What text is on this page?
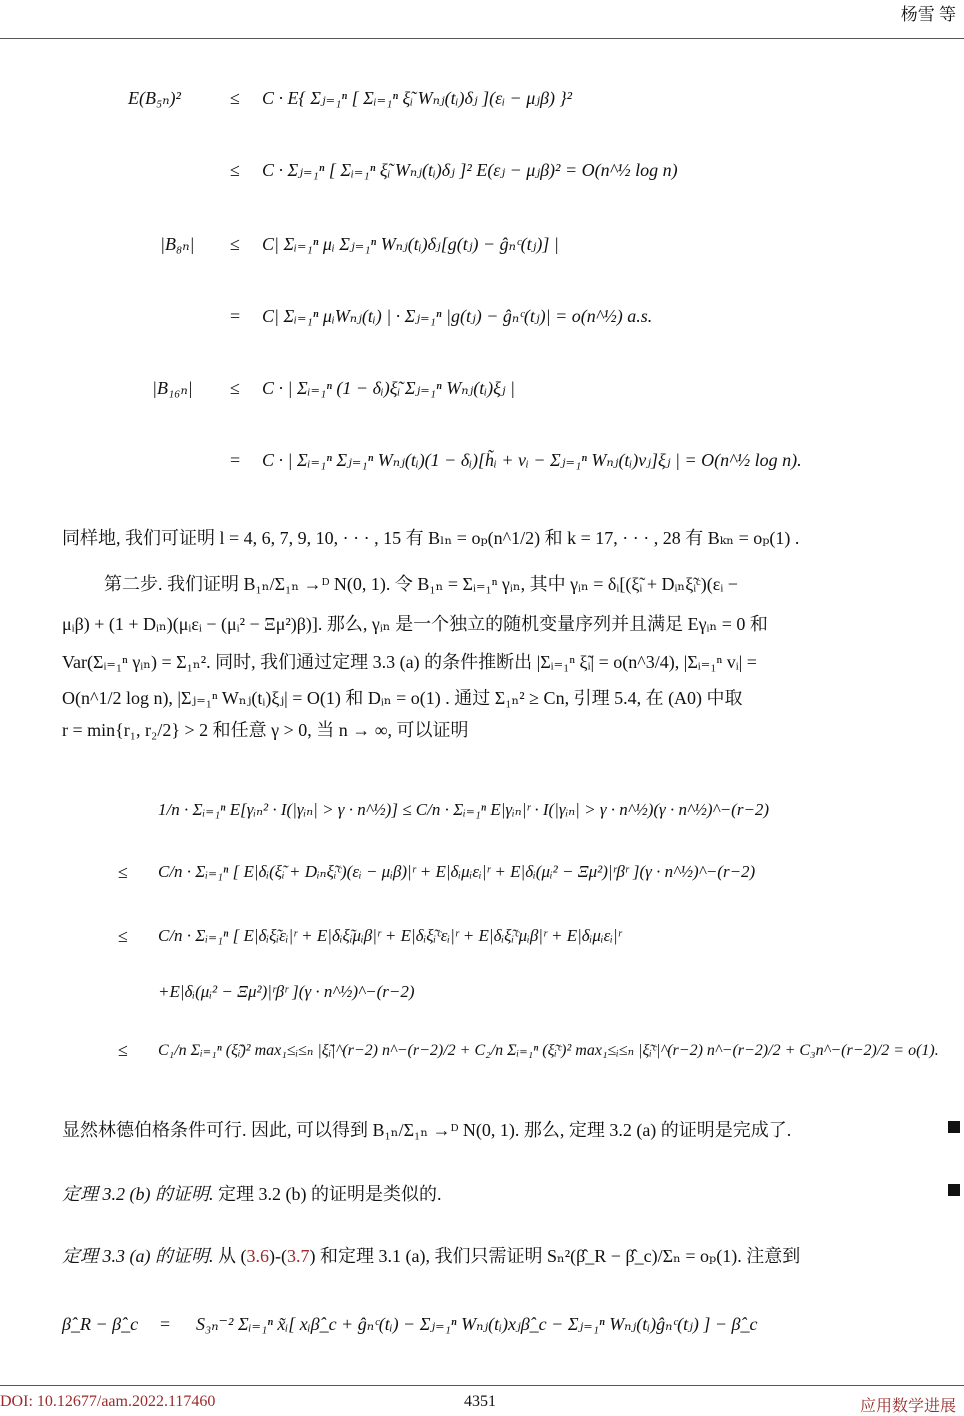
杨雪 等
E(B₅ₙ)²	≤ C · E{ Σⱼ₌₁ⁿ [ Σᵢ₌₁ⁿ ξ̃ᵢ Wₙⱼ(tᵢ)δⱼ ](εᵢ − μⱼβ) }²
≤ C · Σⱼ₌₁ⁿ [ Σᵢ₌₁ⁿ ξ̃ᵢ Wₙⱼ(tᵢ)δⱼ ]² E(εⱼ − μⱼβ)² = O(n^½ log n)
|B₈ₙ| ≤ C| Σᵢ₌₁ⁿ μᵢ Σⱼ₌₁ⁿ Wₙⱼ(tᵢ)δⱼ[g(tⱼ) − ĝₙᶜ(tⱼ)] |
= C| Σᵢ₌₁ⁿ μᵢWₙⱼ(tᵢ) | · Σⱼ₌₁ⁿ |g(tⱼ) − ĝₙᶜ(tⱼ)| = o(n^½) a.s.
|B₁₆ₙ| ≤ C · | Σᵢ₌₁ⁿ (1 − δᵢ)ξ̃ᵢ Σⱼ₌₁ⁿ Wₙⱼ(tᵢ)ξⱼ |
= C · | Σᵢ₌₁ⁿ Σⱼ₌₁ⁿ Wₙⱼ(tᵢ)(1 − δᵢ)[h̃ᵢ + vᵢ − Σⱼ₌₁ⁿ Wₙⱼ(tᵢ)vⱼ]ξⱼ | = O(n^½ log n).
同样地, 我们可证明 l = 4, 6, 7, 9, 10, · · · , 15 有 Bₗₙ = oₚ(n^1/2) 和 k = 17, · · · , 28 有 Bₖₙ = oₚ(1) .
第二步. 我们证明 B₁ₙ/Σ₁ₙ →ᴰ N(0, 1). 令 B₁ₙ = Σᵢ₌₁ⁿ γᵢₙ, 其中 γᵢₙ = δᵢ[(ξ̃ᵢ + Dᵢₙξ̃ᵢᶜ)(εᵢ −
μᵢβ) + (1 + Dᵢₙ)(μᵢεᵢ − (μᵢ² − Ξμ²)β)]. 那么, γᵢₙ 是一个独立的随机变量序列并且满足 Eγᵢₙ = 0 和
Var(Σᵢ₌₁ⁿ γᵢₙ) = Σ₁ₙ². 同时, 我们通过定理 3.3 (a) 的条件推断出 |Σᵢ₌₁ⁿ ξ̃ᵢ| = o(n^3/4), |Σᵢ₌₁ⁿ vᵢ| =
O(n^1/2 log n), |Σⱼ₌₁ⁿ Wₙⱼ(tᵢ)ξⱼ| = O(1) 和 Dᵢₙ = o(1) . 通过 Σ₁ₙ² ≥ Cn, 引理 5.4, 在 (A0) 中取
r = min{r₁, r₂/2} > 2 和任意 γ > 0, 当 n → ∞, 可以证明
1/n · Σᵢ₌₁ⁿ E[γᵢₙ² · I(|γᵢₙ| > γ · n^½)] ≤ C/n · Σᵢ₌₁ⁿ E|γᵢₙ|ʳ · I(|γᵢₙ| > γ · n^½)(γ · n^½)^−(r−2)
≤ C/n · Σᵢ₌₁ⁿ [ E|δᵢ(ξ̃ᵢ + Dᵢₙξ̃ᵢᶜ)(εᵢ − μᵢβ)|ʳ + E|δᵢμᵢεᵢ|ʳ + E|δᵢ(μᵢ² − Ξμ²)|ʳβʳ ](γ · n^½)^−(r−2)
≤ C/n · Σᵢ₌₁ⁿ [ E|δᵢξ̃ᵢεᵢ|ʳ + E|δᵢξ̃ᵢμᵢβ|ʳ + E|δᵢξ̃ᵢᶜεᵢ|ʳ + E|δᵢξ̃ᵢᶜμᵢβ|ʳ + E|δᵢμᵢεᵢ|ʳ
+E|δᵢ(μᵢ² − Ξμ²)|ʳβʳ ](γ · n^½)^−(r−2)
≤ C₁/n Σᵢ₌₁ⁿ (ξ̃ᵢ)² max₁≤ᵢ≤ₙ |ξ̃ᵢ|^(r−2) n^−(r−2)/2 + C₂/n Σᵢ₌₁ⁿ (ξ̃ᵢᶜ)² max₁≤ᵢ≤ₙ |ξ̃ᵢᶜ|^(r−2) n^−(r−2)/2 + C₃n^−(r−2)/2 = o(1).
显然林德伯格条件可行. 因此, 可以得到 B₁ₙ/Σ₁ₙ →ᴰ N(0, 1). 那么, 定理 3.2 (a) 的证明是完成了.
定理 3.2 (b) 的证明. 定理 3.2 (b) 的证明是类似的.
定理 3.3 (a) 的证明. 从 (3.6)-(3.7) 和定理 3.1 (a), 我们只需证明 Sₙ²(β̂_R − β̂_c)/Σₙ = oₚ(1). 注意到
β̂_R − β̂_c = S₃ₙ⁻² Σᵢ₌₁ⁿ x̃ᵢ[ xᵢβ̂_c + ĝₙᶜ(tᵢ) − Σⱼ₌₁ⁿ Wₙⱼ(tᵢ)xⱼβ̂_c − Σⱼ₌₁ⁿ Wₙⱼ(tᵢ)ĝₙᶜ(tⱼ) ] − β̂_c
DOI: 10.12677/aam.2022.117460	4351	应用数学进展
